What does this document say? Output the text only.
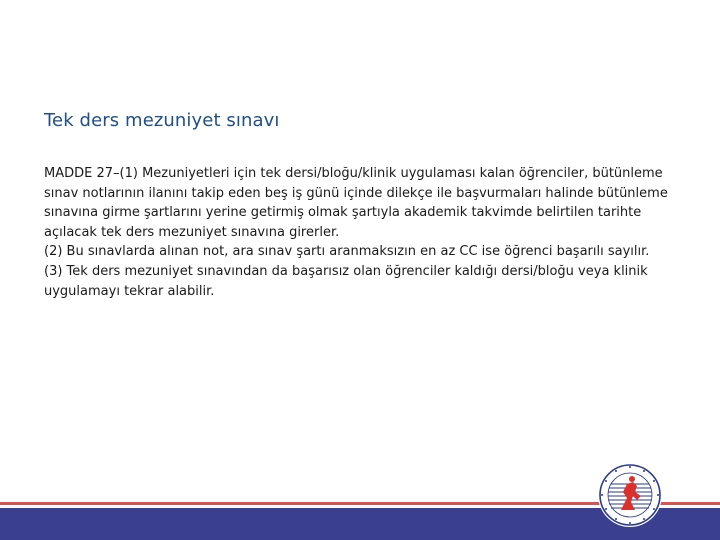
Tek ders mezuniyet sınavı

MADDE 27–(1) Mezuniyetleri için tek dersi/bloğu/klinik uygulaması kalan öğrenciler, bütünleme sınav notlarının ilanını takip eden beş iş günü içinde dilekçe ile başvurmaları halinde bütünleme sınavına girme şartlarını yerine getirmiş olmak şartıyla akademik takvimde belirtilen tarihte açılacak tek ders mezuniyet sınavına girerler.

(2) Bu sınavlarda alınan not, ara sınav şartı aranmaksızın en az CC ise öğrenci başarılı sayılır.

(3) Tek ders mezuniyet sınavından da başarısız olan öğrenciler kaldığı dersi/bloğu veya klinik uygulamayı tekrar alabilir.
